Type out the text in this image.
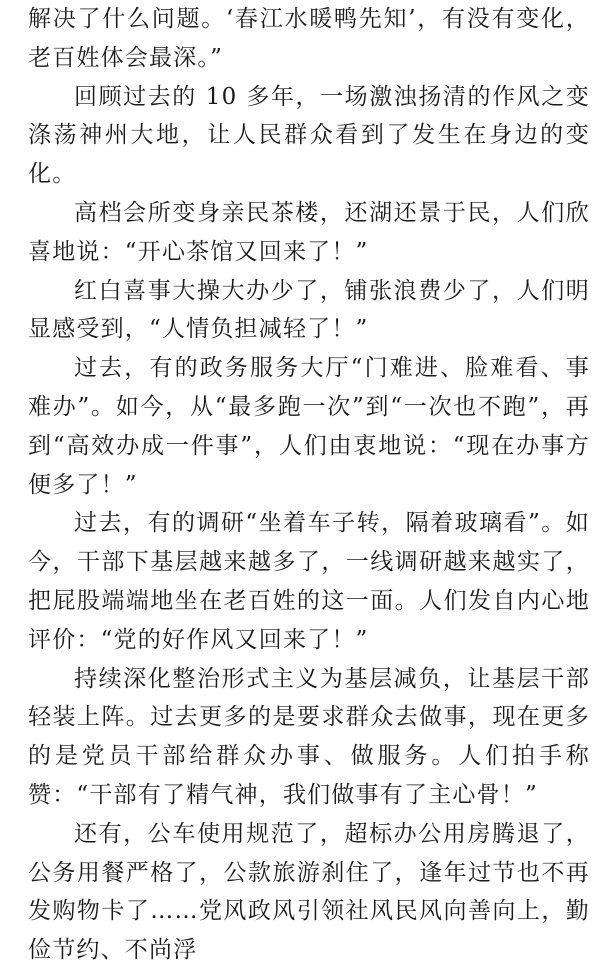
解决了什么问题。‘春江水暖鸭先知’，有没有变化，老百姓体会最深。”

回顾过去的 10 多年，一场激浊扬清的作风之变涤荡神州大地，让人民群众看到了发生在身边的变化。

高档会所变身亲民茶楼，还湖还景于民，人们欣喜地说：“开心茶馆又回来了！”

红白喜事大操大办少了，铺张浪费少了，人们明显感受到，“人情负担减轻了！”

过去，有的政务服务大厅“门难进、脸难看、事难办”。如今，从“最多跑一次”到“一次也不跑”，再到“高效办成一件事”，人们由衷地说：“现在办事方便多了！”

过去，有的调研“坐着车子转，隔着玻璃看”。如今，干部下基层越来越多了，一线调研越来越实了，把屁股端端地坐在老百姓的这一面。人们发自内心地评价：“党的好作风又回来了！”

持续深化整治形式主义为基层减负，让基层干部轻装上阵。过去更多的是要求群众去做事，现在更多的是党员干部给群众办事、做服务。人们拍手称赞：“干部有了精气神，我们做事有了主心骨！”

还有，公车使用规范了，超标办公用房腾退了，公务用餐严格了，公款旅游刹住了，逢年过节也不再发购物卡了……党风政风引领社风民风向善向上，勤俭节约、不尚浮
